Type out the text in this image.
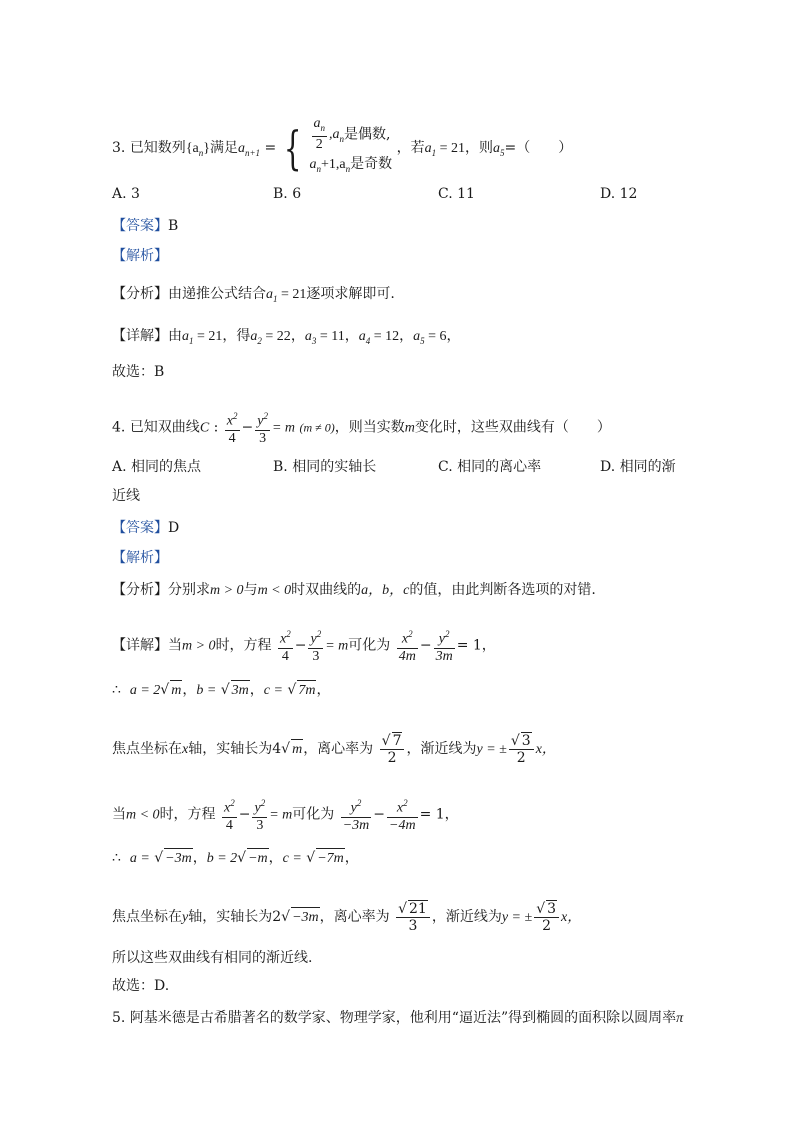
3. 已知数列$\{a_n\}$满足$a_{n+1}$ = { $\frac{a_n}{2} ,a_n$是偶数,
$a_n+1,a_n$是奇数
，若$a_1 = 21$，则$a_5=$（　　）
A. 3	B. 6	C. 11	D. 12
【答案】B
【解析】
【分析】由递推公式结合$a_1 = 21$逐项求解即可.
【详解】由$a_1 = 21$，得$a_2 = 22$，$a_3 = 11$，$a_4 = 12$，$a_5 = 6$，
故选：B
4. 已知双曲线C : $\frac{x^2}{4} - \frac{y^2}{3} = m$ (m ≠ 0)，则当实数m变化时，这些双曲线有（　　）
A. 相同的焦点	B. 相同的实轴长	C. 相同的离心率	D. 相同的渐
近线
【答案】D
【解析】
【分析】分别求m > 0与m < 0时双曲线的a，b，c的值，由此判断各选项的对错.
【详解】当m > 0时，方程 $\frac{x^2}{4} - \frac{y^2}{3} = m$可化为 $\frac{x^2}{4m} - \frac{y^2}{3m} = 1$，
∴ a = 2√ m，b = √ 3m，c = √ 7m，
焦点坐标在x轴，实轴长为4√ m，离心率为 $\frac{√ 7}{2}$ ，渐近线为y = ± $\frac{√ 3}{2}$ x，
当m < 0时，方程 $\frac{x^2}{4} - \frac{y^2}{3} = m$可化为 $\frac{y^2}{-3m} - \frac{x^2}{-4m} = 1$，
∴ a = √ −3m，b = 2√ −m，c = √ −7m，
焦点坐标在y轴，实轴长为2√ −3m，离心率为 $\frac{√ 21}{3}$ ，渐近线为y = ± $\frac{√ 3}{2}$ x，
所以这些双曲线有相同的渐近线.
故选：D.
5. 阿基米德是古希腊著名的数学家、物理学家，他利用“逼近法”得到椭圆的面积除以圆周率π
